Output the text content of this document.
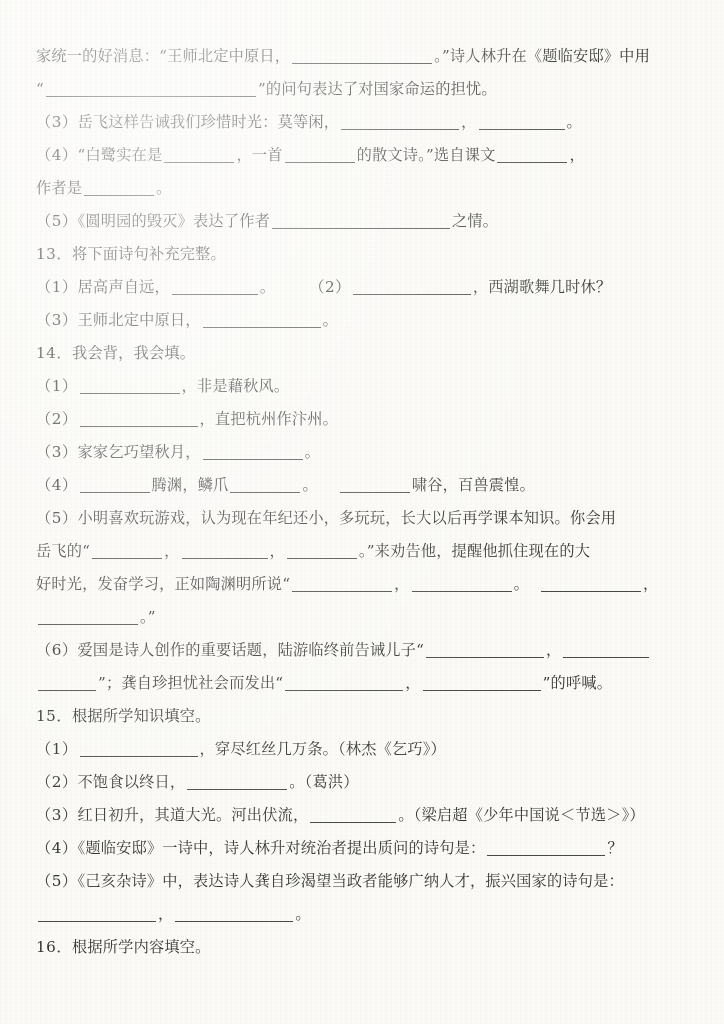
家统一的好消息：“王师北定中原日，	。”诗人林升在《题临安邸》中用
“	”的问句表达了对国家命运的担忧。
（3）岳飞这样告诫我们珍惜时光：莫等闲，	，	。
（4）“白鹭实在是	，一首	的散文诗。”选自课文	，
作者是	。
（5）《圆明园的毁灭》表达了作者	之情。
13．将下面诗句补充完整。
（1）居高声自远，	。 （2）	，西湖歌舞几时休？
（3）王师北定中原日，	。
14．我会背，我会填。
（1）	，非是藉秋风。
（2）	，直把杭州作汴州。
（3）家家乞巧望秋月，	。
（4）	腾渊，鳞爪	。	啸谷，百兽震惶。
（5）小明喜欢玩游戏，认为现在年纪还小，多玩玩，长大以后再学课本知识。你会用
岳飞的“	，	，	。”来劝告他，提醒他抓住现在的大
好时光，发奋学习，正如陶渊明所说“	，	。	，
。”
（6）爱国是诗人创作的重要话题，陆游临终前告诫儿子“	，
”；龚自珍担忧社会而发出“	，	”的呼喊。
15．根据所学知识填空。
（1）	，穿尽红丝几万条。（林杰《乞巧》）
（2）不饱食以终日，	。（葛洪）
（3）红日初升，其道大光。河出伏流，	。（梁启超《少年中国说＜节选＞》）
（4）《题临安邸》一诗中，诗人林升对统治者提出质问的诗句是：	？
（5）《己亥杂诗》中，表达诗人龚自珍渴望当政者能够广纳人才，振兴国家的诗句是：
，	。
16．根据所学内容填空。
